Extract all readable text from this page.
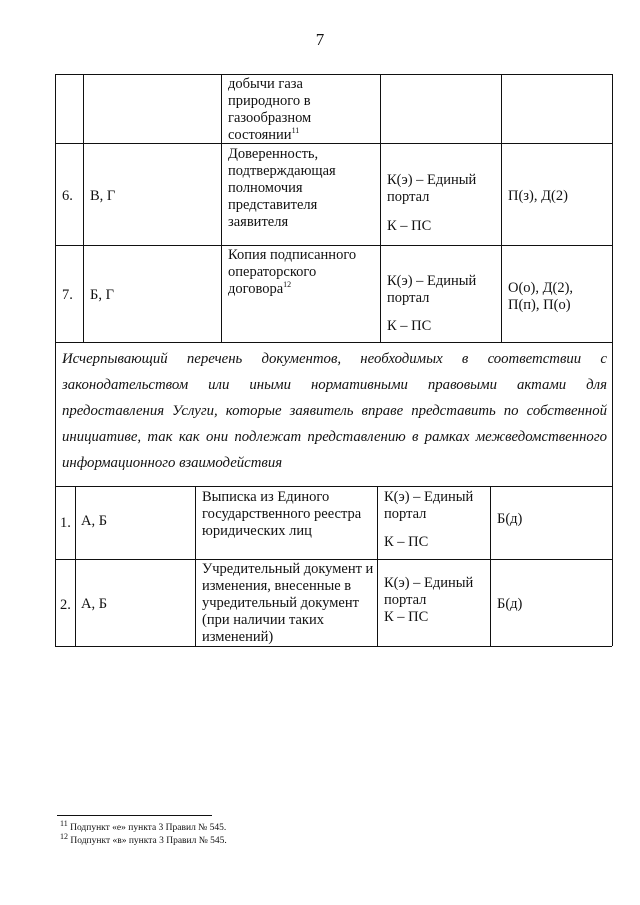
7
добычи газа природного в газообразном состоянии$^{11}$
6. В, Г
Доверенность, подтверждающая полномочия представителя заявителя
К(э) – Единый портал
К – ПС
П(з), Д(2)
7. Б, Г
Копия подписанного операторского договора$^{12}$	К(э) – Единый портал
К – ПС
О(о), Д(2), П(п), П(о)
Исчерпывающий перечень документов, необходимых в соответствии с
законодательством или иными нормативными правовыми актами для
предоставления Услуги, которые заявитель вправе представить по собственной
инициативе, так как они подлежат представлению в рамках межведомственного
информационного взаимодействия
1. А, Б
Выписка из Единого государственного реестра юридических лиц
К(э) – Единый портал
К – ПС
Б(д)
2. А, Б
Учредительный документ и изменения, внесенные в учредительный документ (при наличии таких изменений)
К(э) – Единый портал
К – ПС
Б(д)
$^{11}$ Подпункт «е» пункта 3 Правил № 545.
$^{12}$ Подпункт «в» пункта 3 Правил № 545.
